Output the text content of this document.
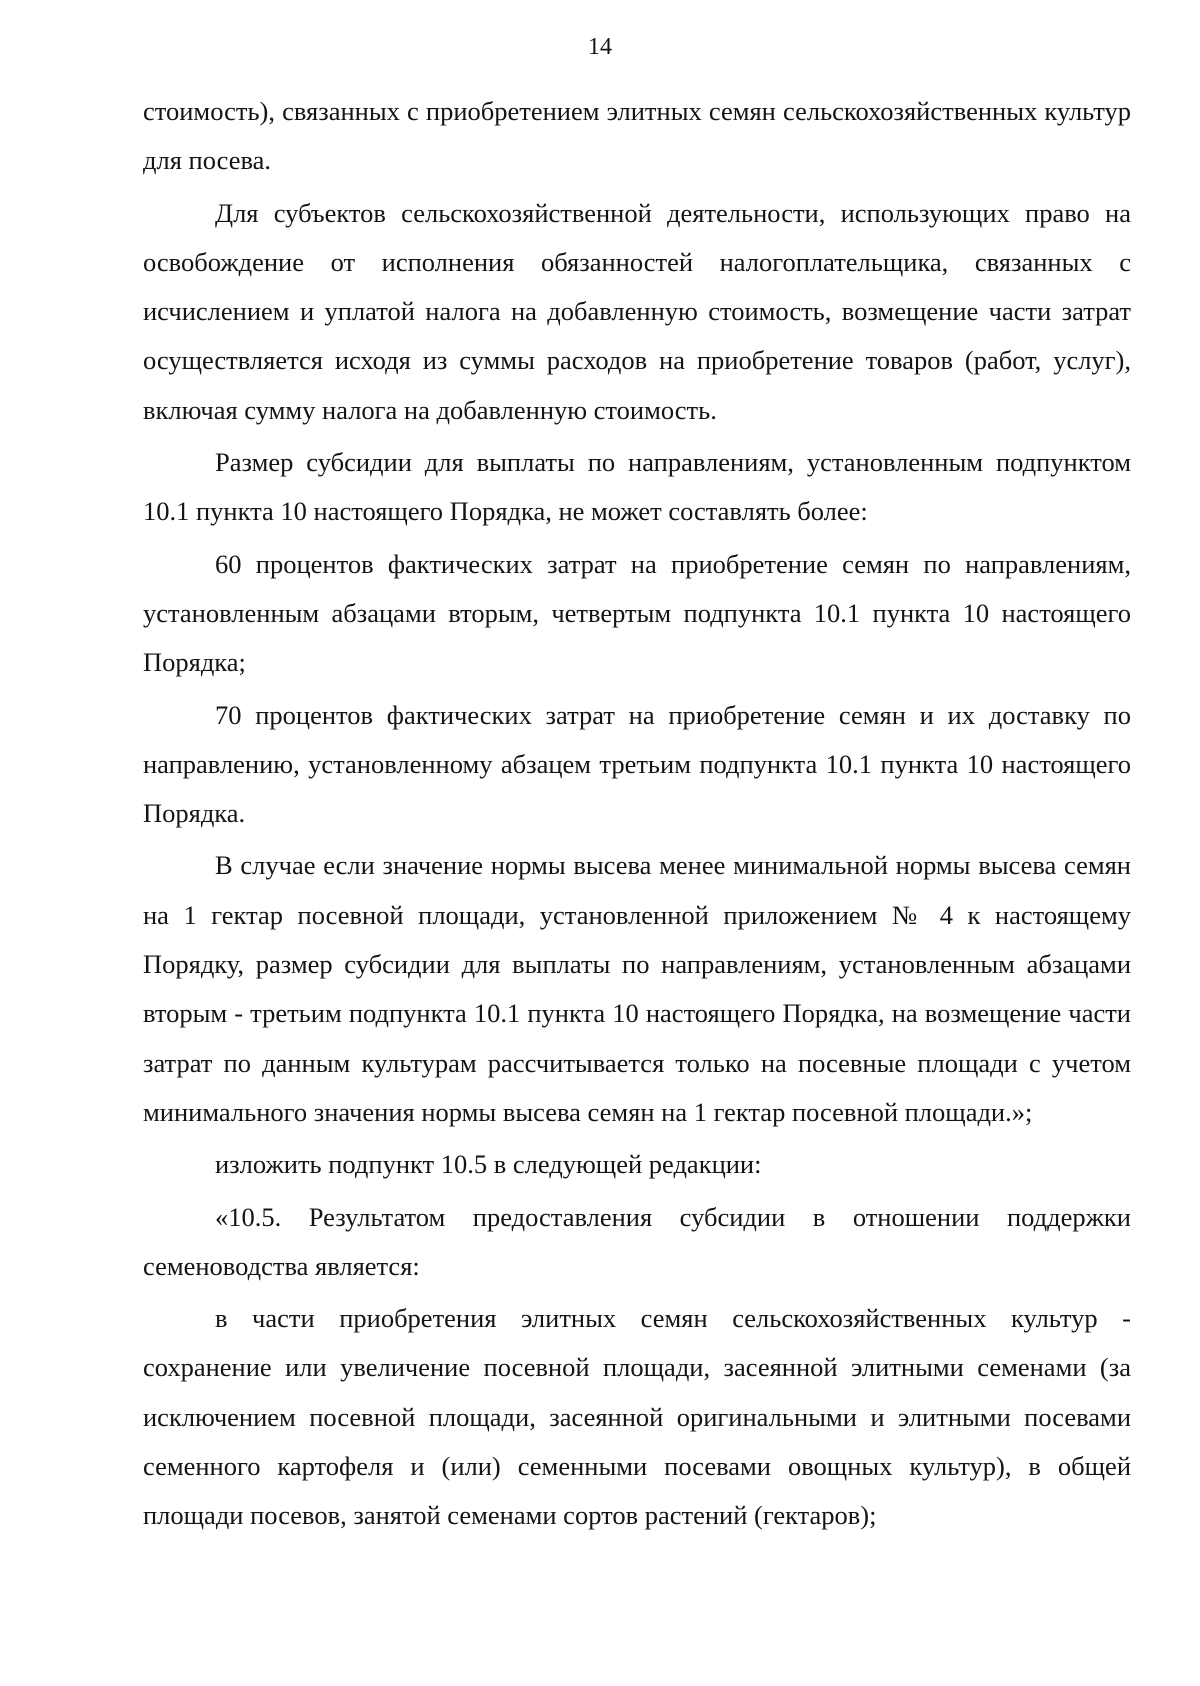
14

стоимость), связанных с приобретением элитных семян сельскохозяйственных культур для посева.

Для субъектов сельскохозяйственной деятельности, использующих право на освобождение от исполнения обязанностей налогоплательщика, связанных с исчислением и уплатой налога на добавленную стоимость, возмещение части затрат осуществляется исходя из суммы расходов на приобретение товаров (работ, услуг), включая сумму налога на добавленную стоимость.

Размер субсидии для выплаты по направлениям, установленным подпунктом 10.1 пункта 10 настоящего Порядка, не может составлять более:

60 процентов фактических затрат на приобретение семян по направлениям, установленным абзацами вторым, четвертым подпункта 10.1 пункта 10 настоящего Порядка;

70 процентов фактических затрат на приобретение семян и их доставку по направлению, установленному абзацем третьим подпункта 10.1 пункта 10 настоящего Порядка.

В случае если значение нормы высева менее минимальной нормы высева семян на 1 гектар посевной площади, установленной приложением № 4 к настоящему Порядку, размер субсидии для выплаты по направлениям, установленным абзацами вторым - третьим подпункта 10.1 пункта 10 настоящего Порядка, на возмещение части затрат по данным культурам рассчитывается только на посевные площади с учетом минимального значения нормы высева семян на 1 гектар посевной площади.»;

изложить подпункт 10.5 в следующей редакции:

«10.5. Результатом предоставления субсидии в отношении поддержки семеноводства является:

в части приобретения элитных семян сельскохозяйственных культур - сохранение или увеличение посевной площади, засеянной элитными семенами (за исключением посевной площади, засеянной оригинальными и элитными посевами семенного картофеля и (или) семенными посевами овощных культур), в общей площади посевов, занятой семенами сортов растений (гектаров);
